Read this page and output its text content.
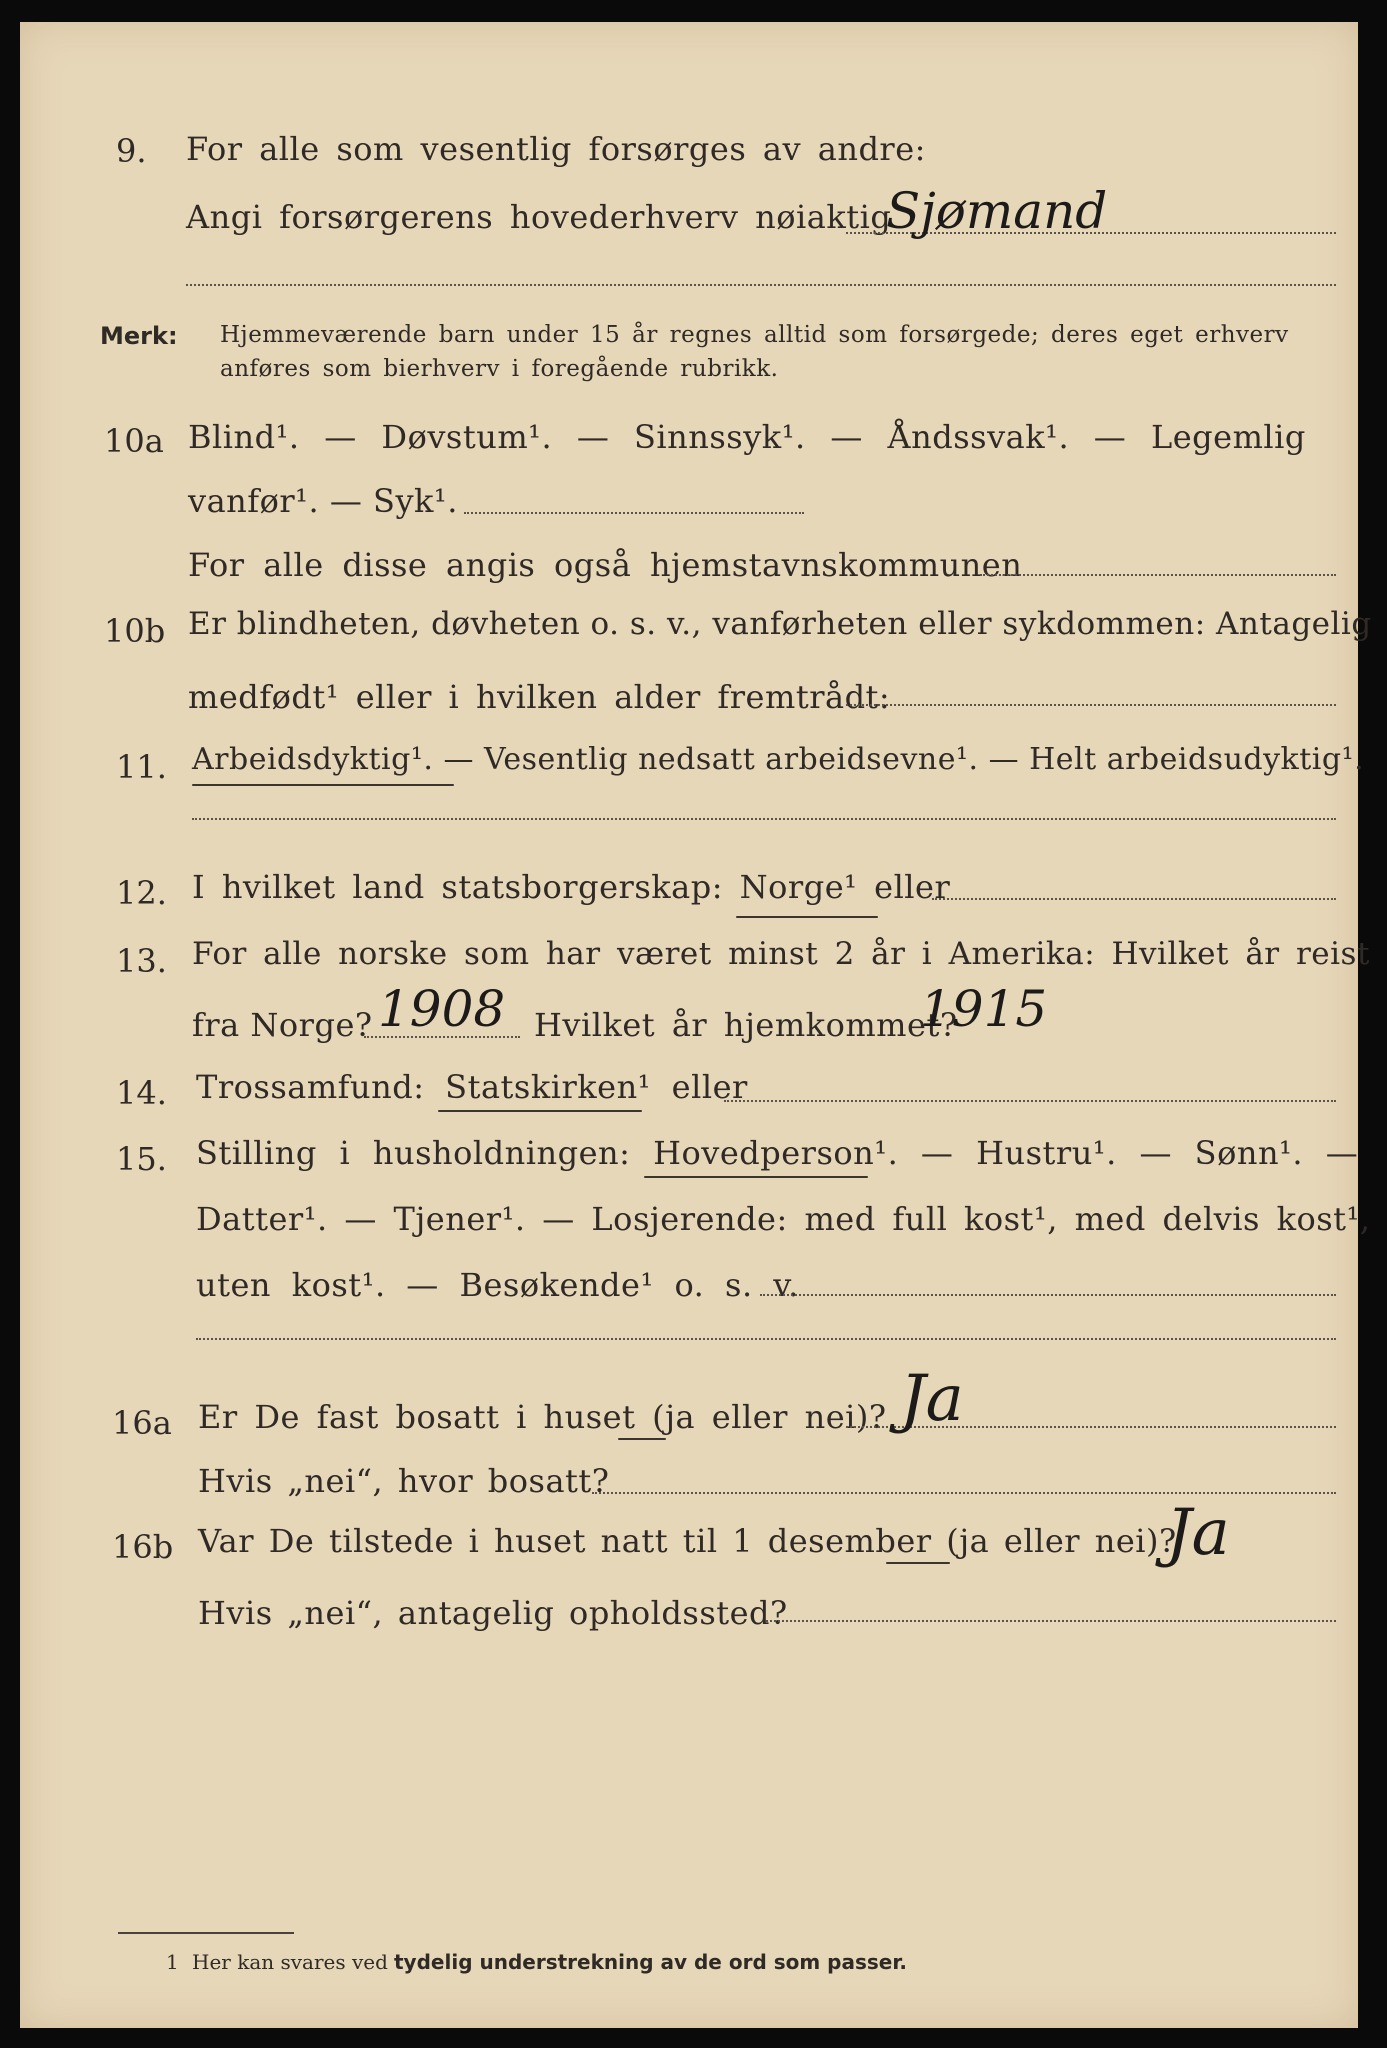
9. For alle som vesentlig forsørges av andre:
Angi forsørgerens hovederhverv nøiaktig
Sjømand
Merk: Hjemmeværende barn under 15 år regnes alltid som forsørgede; deres eget erhverv
anføres som bierhverv i foregående rubrikk.
10a Blind¹. — Døvstum¹. — Sinnssyk¹. — Åndssvak¹. — Legemlig
vanfør¹. — Syk¹.
For alle disse angis også hjemstavnskommunen
10b Er blindheten, døvheten o. s. v., vanførheten eller sykdommen: Antagelig
medfødt¹ eller i hvilken alder fremtrådt:
11. Arbeidsdyktig¹. — Vesentlig nedsatt arbeidsevne¹. — Helt arbeidsudyktig¹.
12. I hvilket land statsborgerskap: Norge¹ eller
13. For alle norske som har været minst 2 år i Amerika: Hvilket år reist
fra Norge? 1908 Hvilket år hjemkommet?
1915
14. Trossamfund: Statskirken¹ eller
15. Stilling i husholdningen: Hovedperson¹. — Hustru¹. — Sønn¹. —
Datter¹. — Tjener¹. — Losjerende: med full kost¹, med delvis kost¹,
uten kost¹. — Besøkende¹ o. s. v.
16a Er De fast bosatt i huset (ja eller nei)? Ja
Hvis „nei“, hvor bosatt?
16b Var De tilstede i huset natt til 1 desember (ja eller nei)?
Ja
Hvis „nei“, antagelig opholdssted?
1 Her kan svares ved tydelig understrekning av de ord som passer.
